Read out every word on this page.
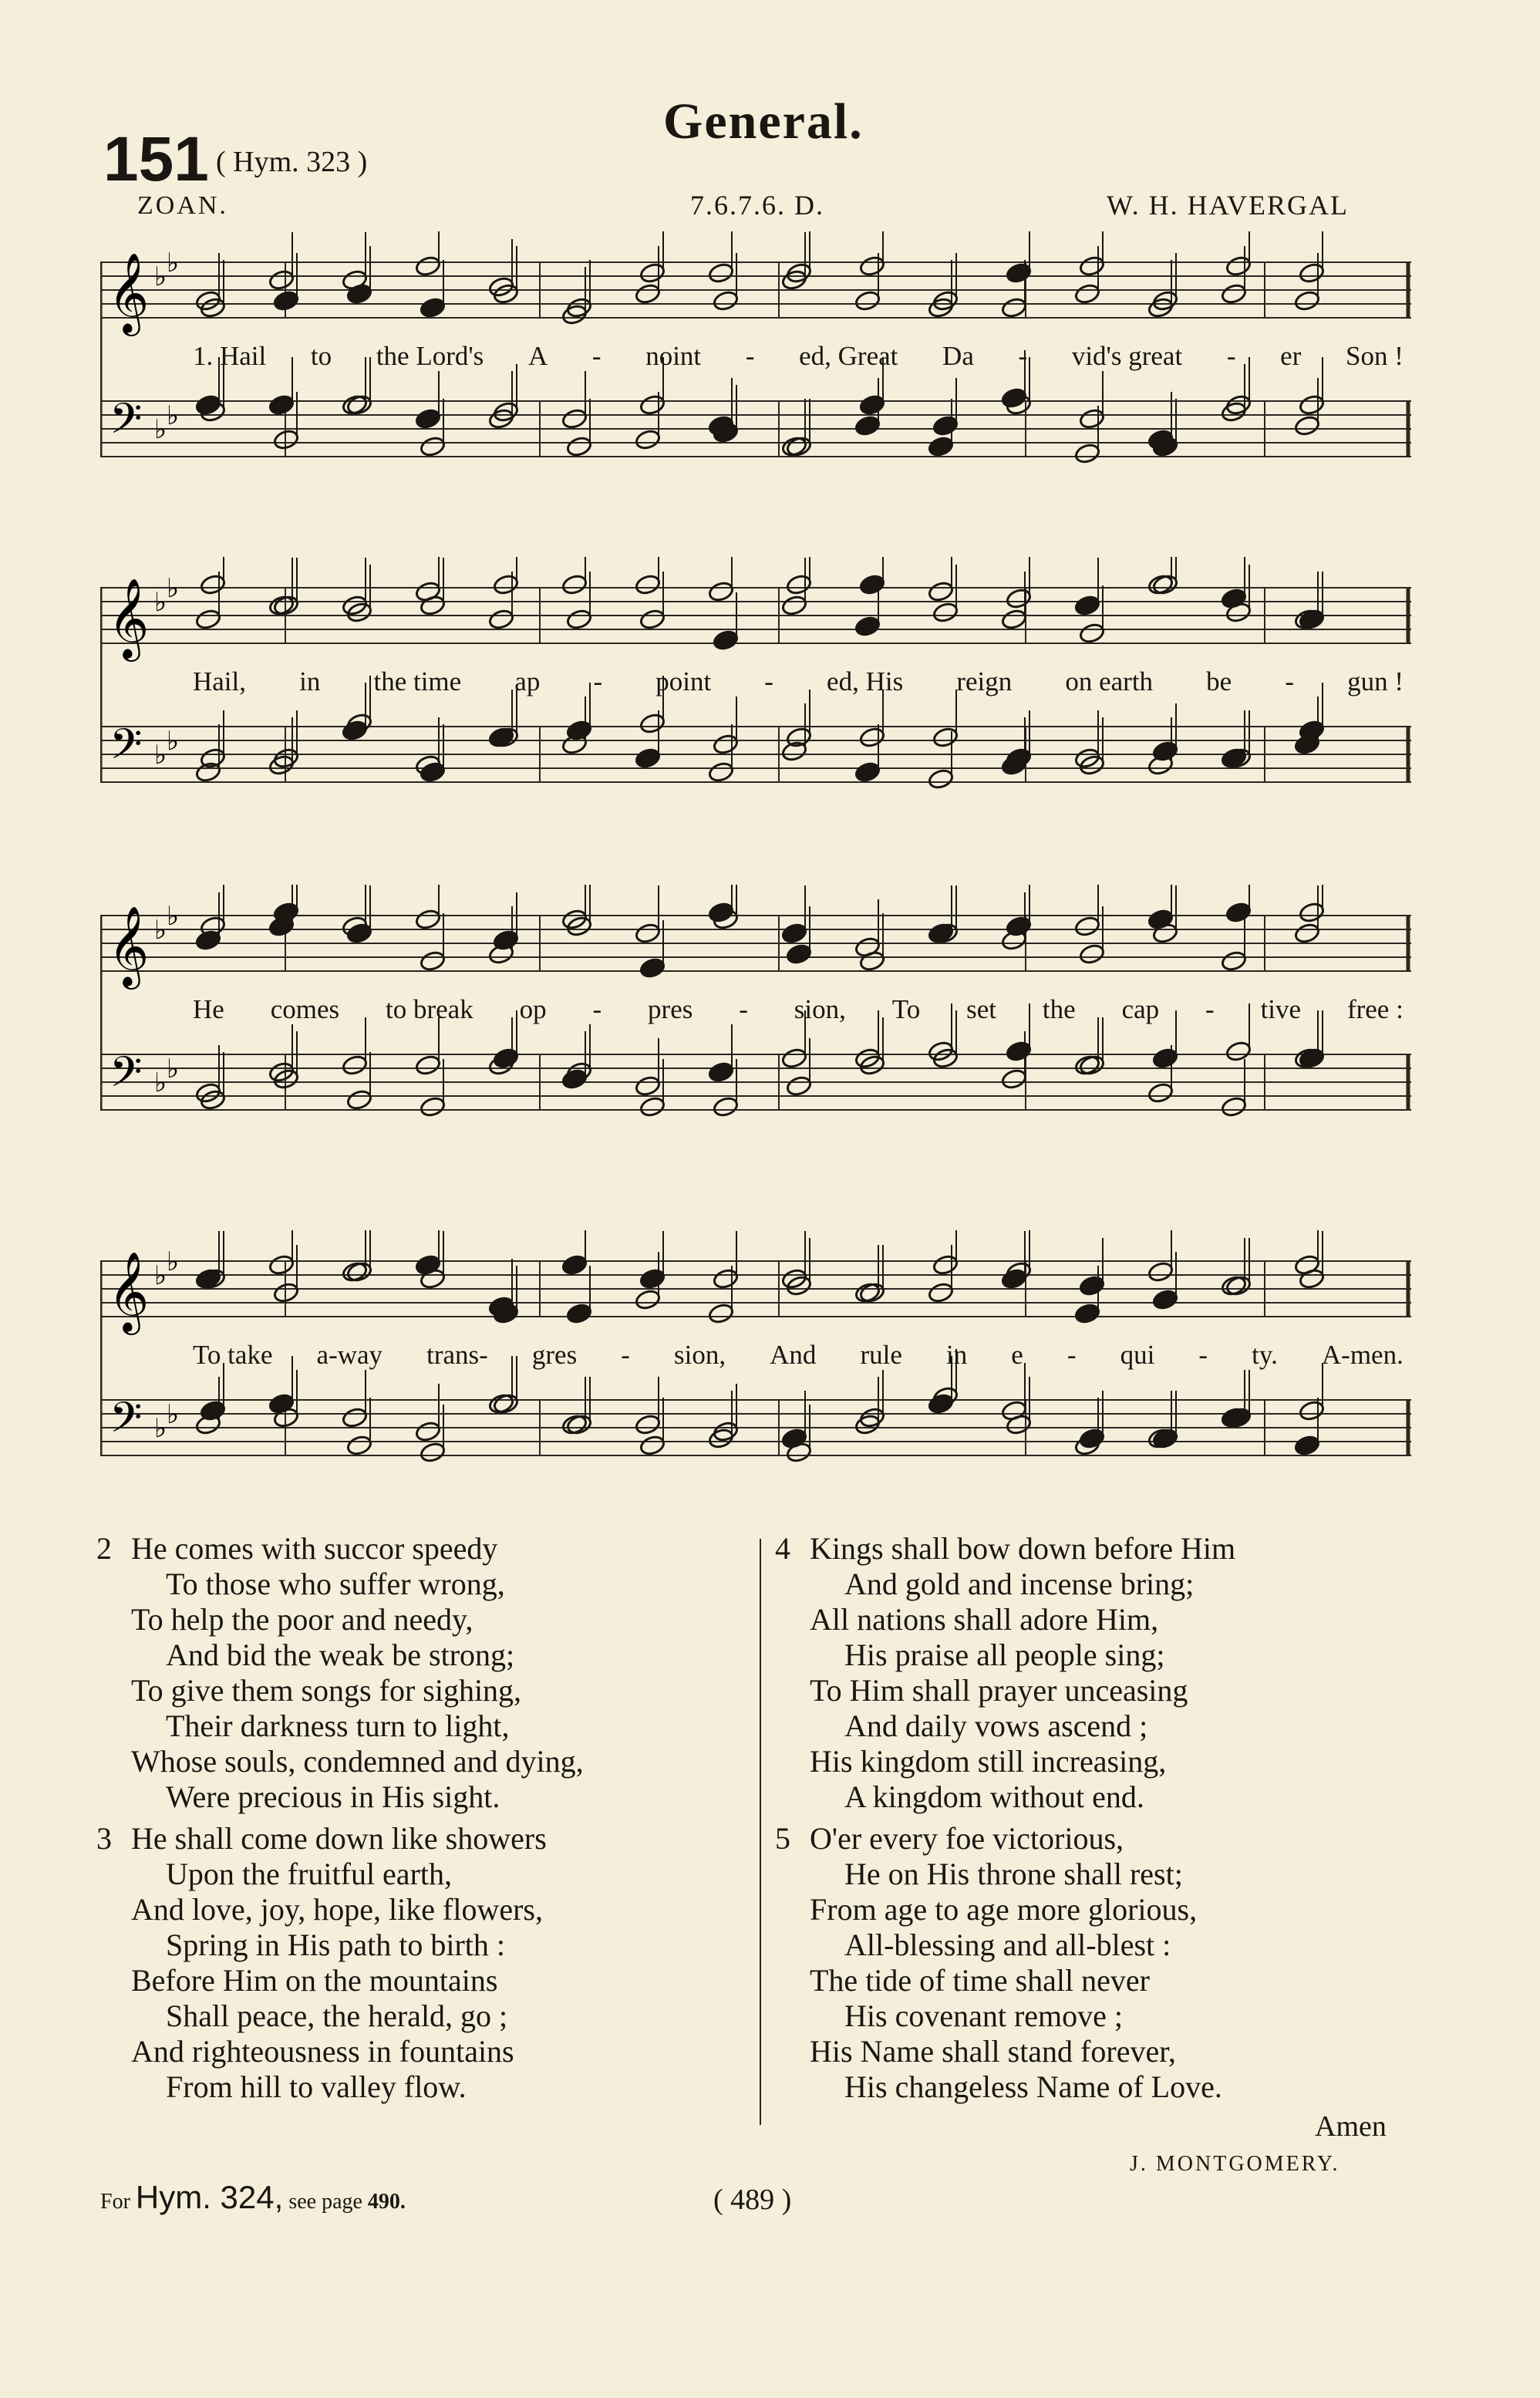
General.
151 ( Hym. 323 )
ZOAN.	7.6.7.6. D.	W. H. HAVERGAL
𝄞
𝄢
♭ ♭
♭ ♭
1. Hail to the Lord's A - noint - ed, Great Da - vid's great - er Son !
𝄞
𝄢
♭ ♭
♭ ♭
Hail, in the time ap - point - ed, His reign on earth be - gun !
𝄞
𝄢
♭ ♭
♭ ♭
He comes to break op - pres - sion, To set the cap - tive free :
𝄞
𝄢
♭ ♭
♭ ♭
To take a-way trans- gres - sion, And rule in e - qui - ty. A-men.
2 He comes with succor speedy
To those who suffer wrong,
To help the poor and needy,
And bid the weak be strong;
To give them songs for sighing,
Their darkness turn to light,
Whose souls, condemned and dying,
Were precious in His sight.
3 He shall come down like showers
Upon the fruitful earth,
And love, joy, hope, like flowers,
Spring in His path to birth :
Before Him on the mountains
Shall peace, the herald, go ;
And righteousness in fountains
From hill to valley flow.
4 Kings shall bow down before Him
And gold and incense bring;
All nations shall adore Him,
His praise all people sing;
To Him shall prayer unceasing
And daily vows ascend ;
His kingdom still increasing,
A kingdom without end.
5 O'er every foe victorious,
He on His throne shall rest;
From age to age more glorious,
All-blessing and all-blest :
The tide of time shall never
His covenant remove ;
His Name shall stand forever,
His changeless Name of Love.
Amen
J. MONTGOMERY.
For Hym. 324, see page 490.	( 489 )
